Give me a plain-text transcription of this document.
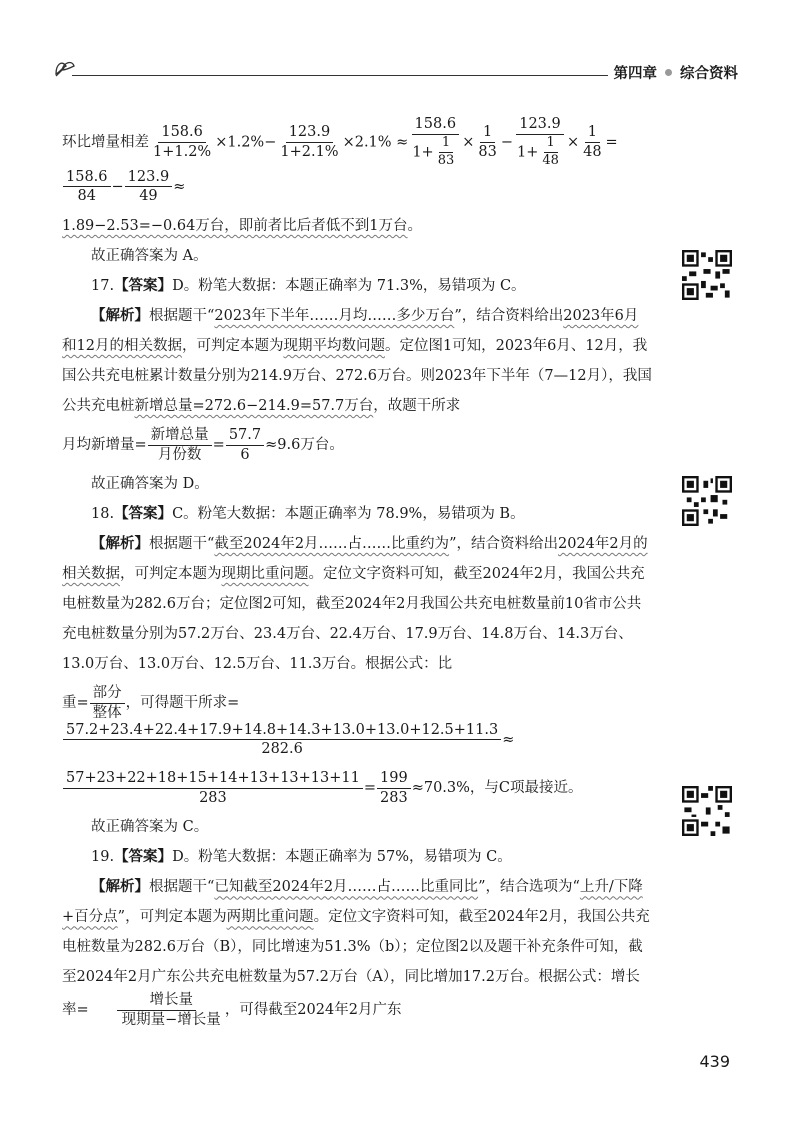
第四章 综合资料

环比增量相差 $\frac{158.6}{1+1.2\%} \times 1.2\%- \frac{123.9}{1+2.1\%} \times 2.1\% \approx \frac{158.6}{1+ \frac{1}{83}} \times \frac{1}{83} - \frac{123.9}{1+ \frac{1}{48}} \times \frac{1}{48}$ =
$\frac{158.6}{84} - \frac{123.9}{49}$ ≈

1.89−2.53=−0.64万台，即前者比后者低不到1万台。

故正确答案为 A。

17.【答案】D。粉笔大数据：本题正确率为 71.3%，易错项为 C。

【解析】根据题干“2023年下半年……月均……多少万台”，结合资料给出2023年6月和12月的相关数据，可判定本题为现期平均数问题。定位图1可知，2023年6月、12月，我国公共充电桩累计数量分别为214.9万台、272.6万台。则2023年下半年（7—12月），我国公共充电桩新增总量=272.6−214.9=57.7万台，故题干所求

月均新增量= $\frac{\text{新增总量}}{\text{月份数}} = \frac{57.7}{6} \approx 9.6$万台。

故正确答案为 D。

18.【答案】C。粉笔大数据：本题正确率为 78.9%，易错项为 B。

【解析】根据题干“截至2024年2月……占……比重约为”，结合资料给出2024年2月的相关数据，可判定本题为现期比重问题。定位文字资料可知，截至2024年2月，我国公共充电桩数量为282.6万台；定位图2可知，截至2024年2月我国公共充电桩数量前10省市公共充电桩数量分别为57.2万台、23.4万台、22.4万台、17.9万台、14.8万台、14.3万台、13.0万台、13.0万台、12.5万台、11.3万台。根据公式：比

重= $\frac{\text{部分}}{\text{整体}}$ ，可得题干所求=
$\frac{57.2+23.4+22.4+17.9+14.8+14.3+13.0+13.0+12.5+11.3}{282.6}$ ≈

$\frac{57+23+22+18+15+14+13+13+13+11}{283} = \frac{199}{283} \approx 70.3\%$，与C项最接近。

故正确答案为 C。

19.【答案】D。粉笔大数据：本题正确率为 57%，易错项为 C。

【解析】根据题干“已知截至2024年2月……占……比重同比”，结合选项为“上升/下降+百分点”，可判定本题为两期比重问题。定位文字资料可知，截至2024年2月，我国公共充电桩数量为282.6万台（B），同比增速为51.3%（b）；定位图2以及题干补充条件可知，截至2024年2月广东公共充电桩数量为57.2万台（A），同比增加17.2万台。根据公式：增长率= $\frac{\text{增长量}}{\text{现期量−增长量}}$ ，可得截至2024年2月广东

439
